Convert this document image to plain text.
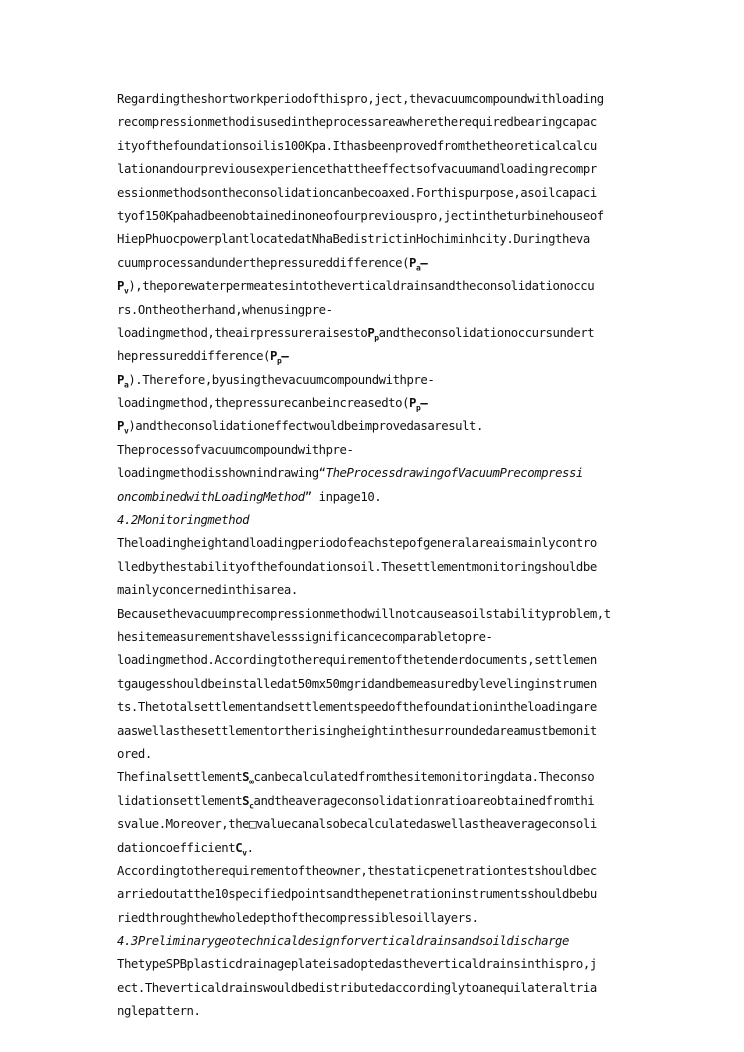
Regardingtheshortworkperiodofthispro,ject,thevacuumcompoundwithloading
recompressionmethodisusedintheprocessareawheretherequiredbearingcapac
ityofthefoundationsoilis100Kpa.Ithasbeenprovedfromthetheoreticalcalcu
lationandourpreviousexperiencethattheeffectsofvacuumandloadingrecompr
essionmethodsontheconsolidationcanbecoaxed.Forthispurpose,asoilcapaci
tyof150Kpahadbeenobtainedinoneofourpreviouspro,jectintheturbinehouseof
HiepPhuocpowerplantlocatedatNhaBedistrictinHochiminhcity.Duringtheva
$cuumprocessandunderthepressureddifference(P_a—$
$P_v),theporewaterpermeatesintotheverticaldrainsandtheconsolidationoccu$
rs.Ontheotherhand,whenusingpre-
loadingmethod,theairpressureraisestoP$_p$andtheconsolidationoccursundert
$hepressureddifference(P_p—$
$P_a).Therefore,byusingthevacuumcompoundwithpre-$
$loadingmethod,thepressurecanbeincreasedto(P_p—$
$P_v)andtheconsolidationeffectwouldbeimprovedasaresult$.
Theprocessofvacuumcompoundwithpre-
loadingmethodisshownindrawing“TheProcessdrawingofVacuumPrecompressi
oncombinedwithLoadingMethod” inpage10.
4.2Monitoringmethod
Theloadingheightandloadingperiodofeachstepofgeneralareaismainlycontro
lledbythestabilityofthefoundationsoil.Thesettlementmonitoringshouldbe
mainlyconcernedinthisarea.
Becausethevacuumprecompressionmethodwillnotcauseasoilstabilityproblem,t
hesitemeasurementshavelesssignificancecomparabletopre-
loadingmethod.Accordingtotherequirementofthetenderdocuments,settlemen
tgaugesshouldbeinstalledat50mx50mgridandbemeasuredbylevelinginstrumen
ts.Thetotalsettlementandsettlementspeedofthefoundationintheloadingare
aaswellasthesettlementortherisingheightinthesurroundedareamustbemonit
ored.
ThefinalsettlementS$_\infty$canbecalculatedfromthesitemonitoringdata.Theconso
lidationsettlementS$_c$andtheaverageconsolidationratioareobtainedfromthi
svalue.Moreover,the□valuecanalsobecalculatedaswellastheaverageconsoli
dationcoefficientC$_v$.
Accordingtotherequirementoftheowner,thestaticpenetrationtestshouldbec
arriedoutatthe10specifiedpointsandthepenetrationinstrumentsshouldbebu
riedthroughthewholedepthofthecompressiblesoillayers.
4.3Preliminarygeotechnicaldesignforverticaldrainsandsoildischarge
ThetypeSPBplasticdrainageplateisadoptedastheverticaldrainsinthispro,j
ect.Theverticaldrainswouldbedistributedaccordinglytoanequilateraltria
nglepattern.
